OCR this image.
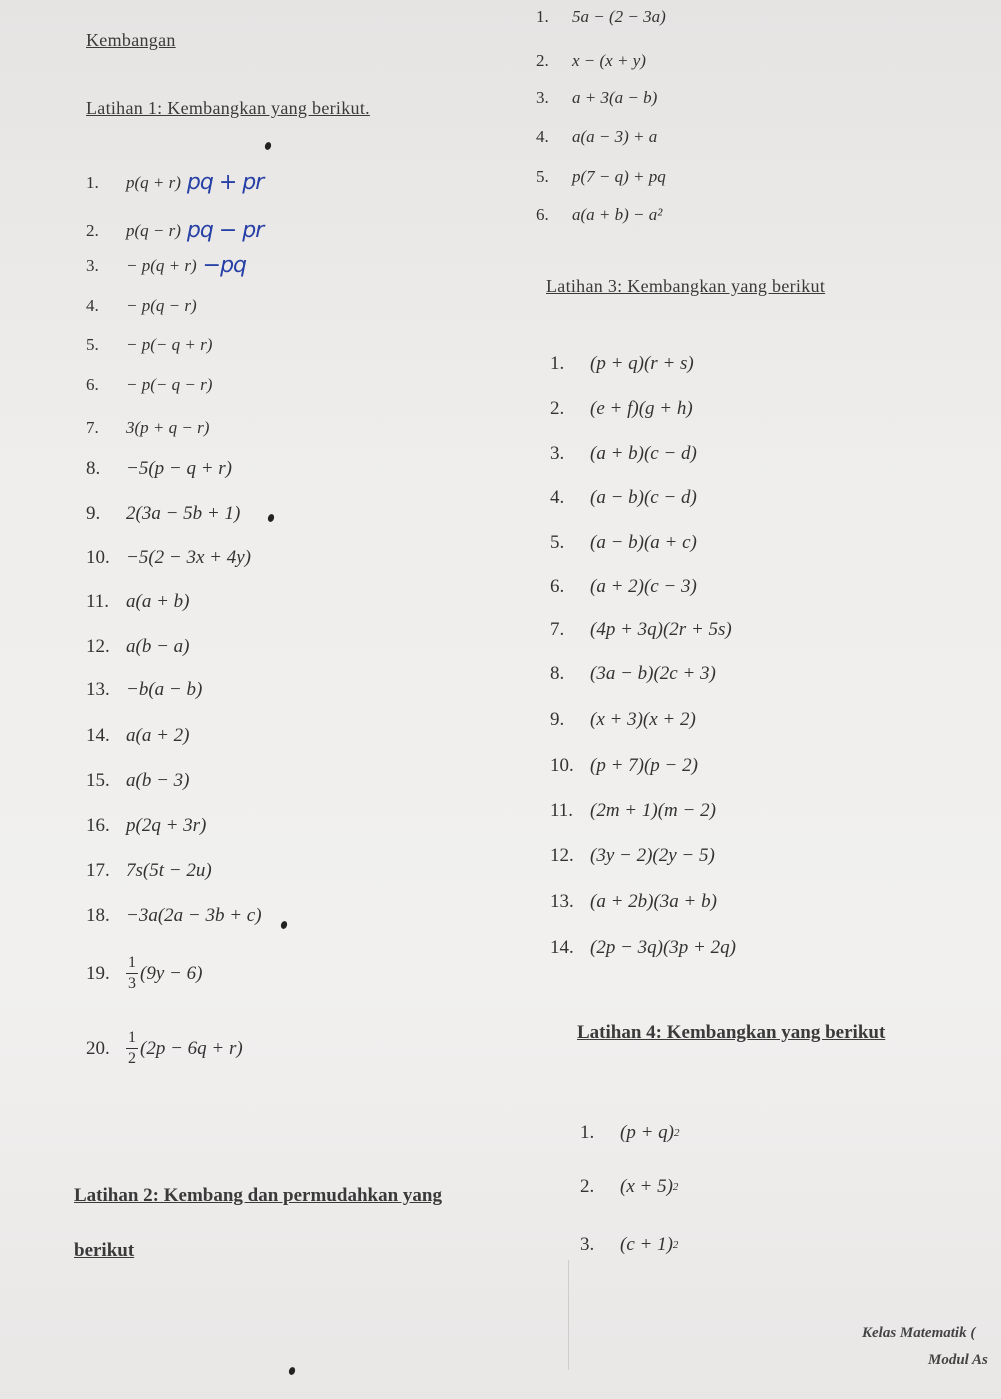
Kembangan
1.	5a − (2 − 3a)
2.	x − (x + y)
3.	a + 3(a − b)
4.	a(a − 3) + a
5.	p(7 − q) + pq
6.	a(a + b) − a²
Latihan 1: Kembangkan yang berikut.
1.	p(q + r) pq + pr
2.	p(q − r) pq − pr
3.	− p(q + r) −pq
4.	− p(q − r)
5.	− p(− q + r)
6.	− p(− q − r)
7.	3(p + q − r)
8.	−5(p − q + r)
9.	2(3a − 5b + 1)
10. −5(2 − 3x + 4y)
11. a(a + b)
12. a(b − a)
13. −b(a − b)
14. a(a + 2)
15. a(b − 3)
16. p(2q + 3r)
17. 7s(5t − 2u)
18. −3a(2a − 3b + c)
19.	$\frac{1}{3} (9y - 6)$
20.	$\frac{1}{2} (2p - 6q + r)$
Latihan 3: Kembangkan yang berikut
1.	(p + q)(r + s)
2.	(e + f)(g + h)
3.	(a + b)(c − d)
4.	(a − b)(c − d)
5.	(a − b)(a + c)
6.	(a + 2)(c − 3)
7.	(4p + 3q)(2r + 5s)
8.	(3a − b)(2c + 3)
9.	(x + 3)(x + 2)
10. (p + 7)(p − 2)
11. (2m + 1)(m − 2)
12. (3y − 2)(2y − 5)
13. (a + 2b)(3a + b)
14. (2p − 3q)(3p + 2q)
Latihan 4: Kembangkan yang berikut
1.	(p + q) 2
2.	(x + 5) 2
3.	(c + 1) 2
Latihan 2: Kembang dan permudahkan yang
berikut
Kelas Matematik (
Modul As
